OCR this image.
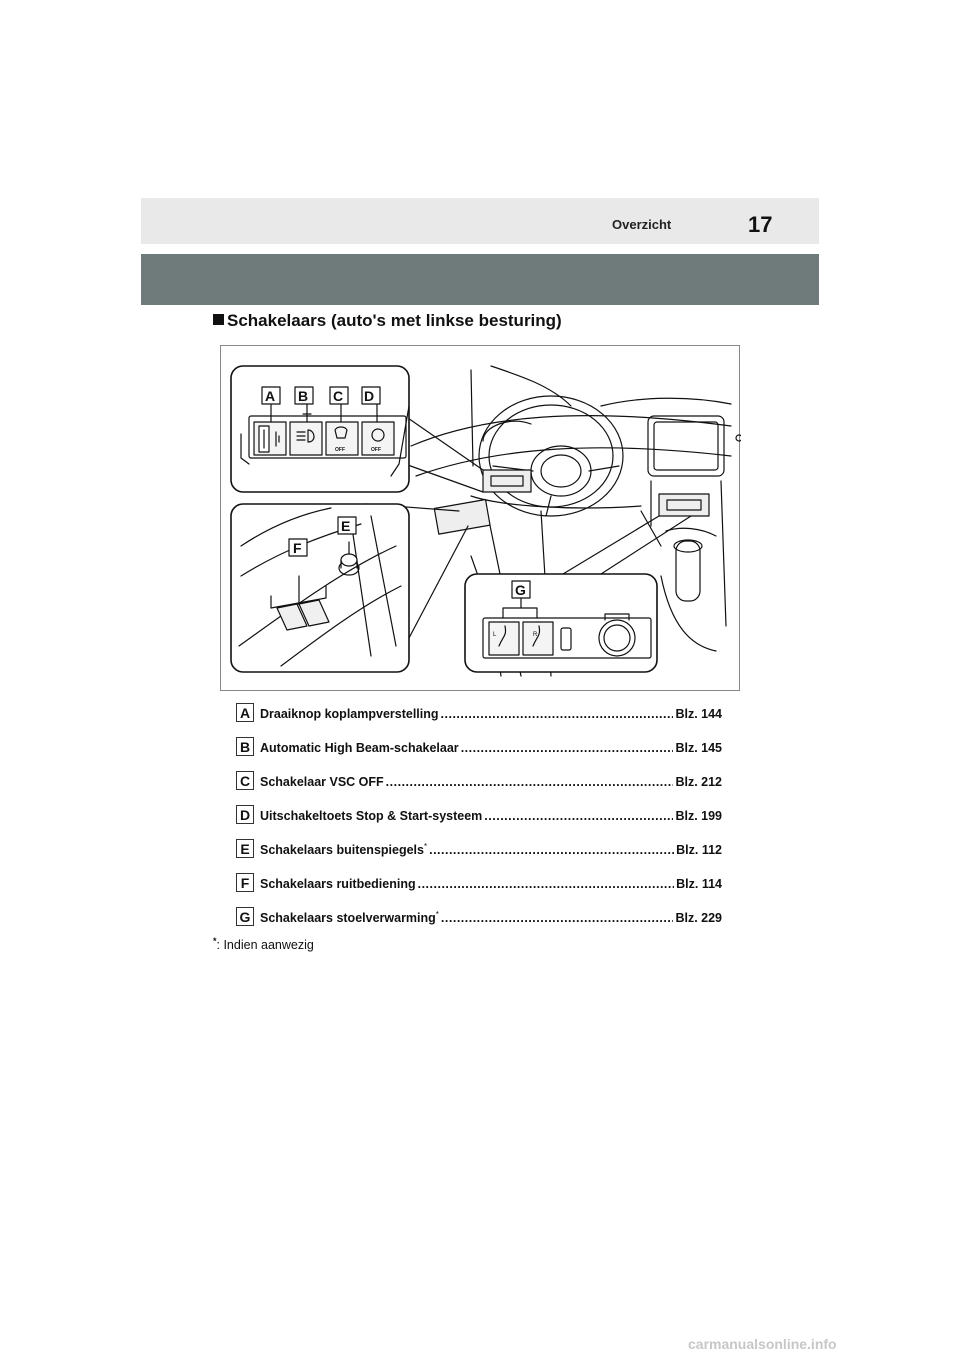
Overzicht	17
Schakelaars (auto's met linkse besturing)
OFF
OFF
A B C D
E
F
L	R
G
A Draaiknop koplampverstelling .....	Blz. 144
B Automatic High Beam-schakelaar .....	Blz. 145
C Schakelaar VSC OFF .....	Blz. 212
D Uitschakeltoets Stop & Start-systeem .....	Blz. 199
E Schakelaars buitenspiegels* .....	Blz. 112
F Schakelaars ruitbediening .....	Blz. 114
G Schakelaars stoelverwarming* .....	Blz. 229
*: Indien aanwezig
carmanualsonline.info
